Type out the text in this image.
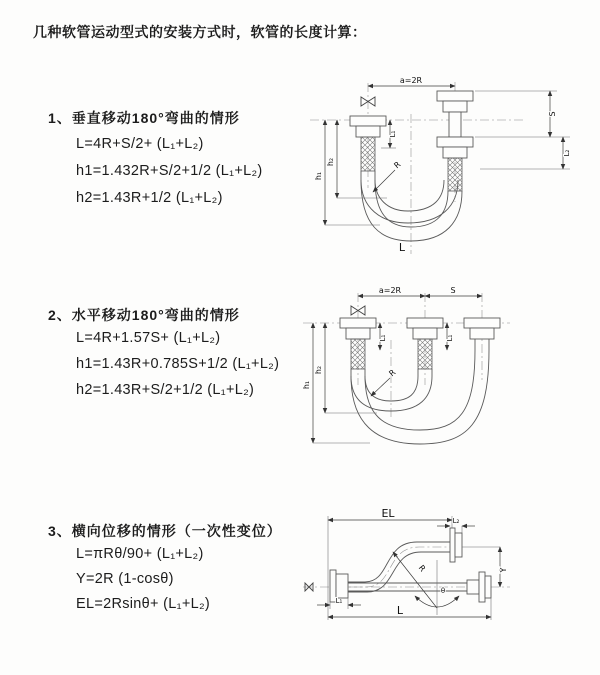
几种软管运动型式的安装方式时，软管的长度计算：
1、垂直移动180°弯曲的情形
L=4R+S/2+ (L₁+L₂)
h1=1.432R+S/2+1/2 (L₁+L₂)
h2=1.43R+1/2 (L₁+L₂)
2、水平移动180°弯曲的情形
L=4R+1.57S+ (L₁+L₂)
h1=1.43R+0.785S+1/2 (L₁+L₂)
h2=1.43R+S/2+1/2 (L₁+L₂)
3、横向位移的情形（一次性变位）
L=πRθ/90+ (L₁+L₂)
Y=2R (1-cosθ)
EL=2Rsinθ+ (L₁+L₂)
a=2R
h₁
h₂
L₁
S
L₂
R
L
a=2R	S
h₁
h₂
L₁	L₁
R
EL
L₂
Y
R
θ
L
L₁
